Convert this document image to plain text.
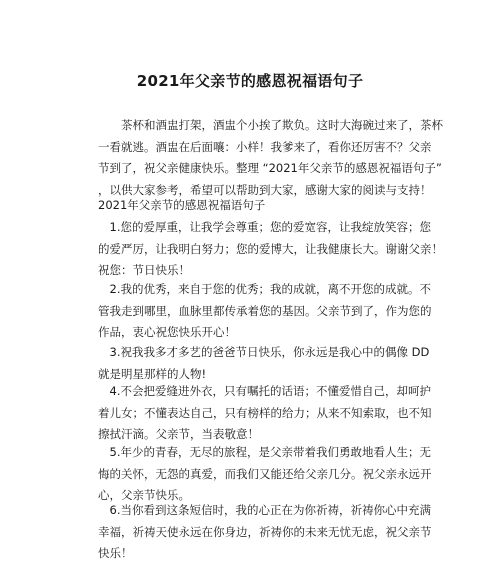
2021年父亲节的感恩祝福语句子
　　茶杯和酒盅打架，酒盅个小挨了欺负。这时大海碗过来了，茶杯
一看就逃。酒盅在后面嚷：小样！我爹来了，看你还厉害不？父亲
节到了，祝父亲健康快乐。整理 “2021年父亲节的感恩祝福语句子”
，以供大家参考，希望可以帮助到大家，感谢大家的阅读与支持！
2021年父亲节的感恩祝福语句子
　1.您的爱厚重，让我学会尊重；您的爱宽容，让我绽放笑容；您
的爱严厉，让我明白努力；您的爱博大，让我健康长大。谢谢父亲！
祝您：节日快乐！
　2.我的优秀，来自于您的优秀；我的成就，离不开您的成就。不
管我走到哪里，血脉里都传承着您的基因。父亲节到了，作为您的
作品，衷心祝您快乐开心！
　3.祝我我多才多艺的爸爸节日快乐，你永远是我心中的偶像 DD
就是明星那样的人物!
　4.不会把爱缝进外衣，只有嘱托的话语；不懂爱惜自己，却呵护
着儿女；不懂表达自己，只有榜样的给力；从来不知索取，也不知
擦拭汗滴。父亲节，当表敬意！
　5.年少的青春，无尽的旅程，是父亲带着我们勇敢地看人生；无
悔的关怀，无怨的真爱，而我们又能还给父亲几分。祝父亲永远开
心，父亲节快乐。
　6.当你看到这条短信时，我的心正在为你祈祷，祈祷你心中充满
幸福，祈祷天使永远在你身边，祈祷你的未来无忧无虑，祝父亲节
快乐！
